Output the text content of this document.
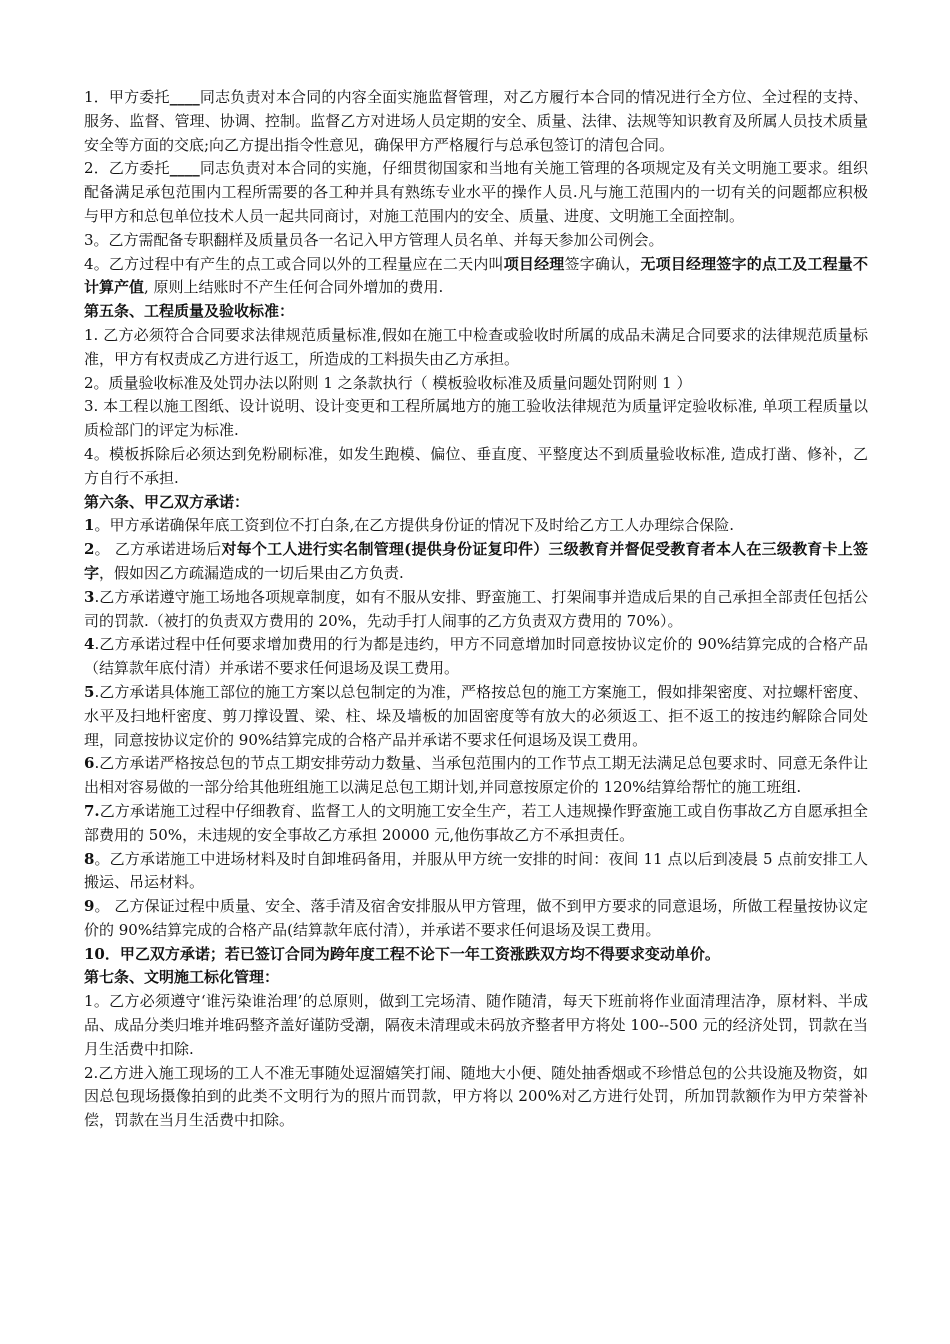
1．甲方委托____同志负责对本合同的内容全面实施监督管理，对乙方履行本合同的情况进行全方位、全过程的支持、服务、监督、管理、协调、控制。监督乙方对进场人员定期的安全、质量、法律、法规等知识教育及所属人员技术质量安全等方面的交底;向乙方提出指令性意见，确保甲方严格履行与总承包签订的清包合同。

2．乙方委托____同志负责对本合同的实施，仔细贯彻国家和当地有关施工管理的各项规定及有关文明施工要求。组织配备满足承包范围内工程所需要的各工种并具有熟练专业水平的操作人员.凡与施工范围内的一切有关的问题都应积极与甲方和总包单位技术人员一起共同商讨，对施工范围内的安全、质量、进度、文明施工全面控制。

3。乙方需配备专职翻样及质量员各一名记入甲方管理人员名单、并每天参加公司例会。

4。乙方过程中有产生的点工或合同以外的工程量应在二天内叫项目经理签字确认，无项目经理签字的点工及工程量不计算产值, 原则上结账时不产生任何合同外增加的费用.

第五条、工程质量及验收标准：

1. 乙方必须符合合同要求法律规范质量标准,假如在施工中检查或验收时所属的成品未满足合同要求的法律规范质量标准，甲方有权责成乙方进行返工，所造成的工料损失由乙方承担。

2。质量验收标准及处罚办法以附则 1 之条款执行（ 模板验收标准及质量问题处罚附则 1 ）

3. 本工程以施工图纸、设计说明、设计变更和工程所属地方的施工验收法律规范为质量评定验收标准, 单项工程质量以质检部门的评定为标准.

4。模板拆除后必须达到免粉刷标准，如发生跑模、偏位、垂直度、平整度达不到质量验收标准, 造成打凿、修补，乙方自行不承担.

第六条、甲乙双方承诺：

1。甲方承诺确保年底工资到位不打白条,在乙方提供身份证的情况下及时给乙方工人办理综合保险.

2。 乙方承诺进场后对每个工人进行实名制管理(提供身份证复印件）三级教育并督促受教育者本人在三级教育卡上签字，假如因乙方疏漏造成的一切后果由乙方负责.

3.乙方承诺遵守施工场地各项规章制度，如有不服从安排、野蛮施工、打架闹事并造成后果的自己承担全部责任包括公司的罚款.（被打的负责双方费用的 20%，先动手打人闹事的乙方负责双方费用的 70%）。

4.乙方承诺过程中任何要求增加费用的行为都是违约，甲方不同意增加时同意按协议定价的 90%结算完成的合格产品（结算款年底付清）并承诺不要求任何退场及误工费用。

5.乙方承诺具体施工部位的施工方案以总包制定的为准，严格按总包的施工方案施工，假如排架密度、对拉螺杆密度、水平及扫地杆密度、剪刀撑设置、梁、柱、垛及墙板的加固密度等有放大的必须返工、拒不返工的按违约解除合同处理，同意按协议定价的 90%结算完成的合格产品并承诺不要求任何退场及误工费用。

6.乙方承诺严格按总包的节点工期安排劳动力数量、当承包范围内的工作节点工期无法满足总包要求时、同意无条件让出相对容易做的一部分给其他班组施工以满足总包工期计划,并同意按原定价的 120%结算给帮忙的施工班组.

7.乙方承诺施工过程中仔细教育、监督工人的文明施工安全生产，若工人违规操作野蛮施工或自伤事故乙方自愿承担全部费用的 50%，未违规的安全事故乙方承担 20000 元,他伤事故乙方不承担责任。

8。乙方承诺施工中进场材料及时自卸堆码备用，并服从甲方统一安排的时间：夜间 11 点以后到凌晨 5 点前安排工人搬运、吊运材料。

9。 乙方保证过程中质量、安全、落手清及宿舍安排服从甲方管理，做不到甲方要求的同意退场，所做工程量按协议定价的 90%结算完成的合格产品(结算款年底付清），并承诺不要求任何退场及误工费用。

10．甲乙双方承诺；若已签订合同为跨年度工程不论下一年工资涨跌双方均不得要求变动单价。

第七条、文明施工标化管理：

1。乙方必须遵守‘谁污染谁治理’的总原则，做到工完场清、随作随清，每天下班前将作业面清理洁净，原材料、半成品、成品分类归堆并堆码整齐盖好谨防受潮，隔夜未清理或未码放齐整者甲方将处 100--500 元的经济处罚，罚款在当月生活费中扣除.

2.乙方进入施工现场的工人不准无事随处逗溜嬉笑打闹、随地大小便、随处抽香烟或不珍惜总包的公共设施及物资，如因总包现场摄像拍到的此类不文明行为的照片而罚款，甲方将以 200%对乙方进行处罚，所加罚款额作为甲方荣誉补偿，罚款在当月生活费中扣除。
